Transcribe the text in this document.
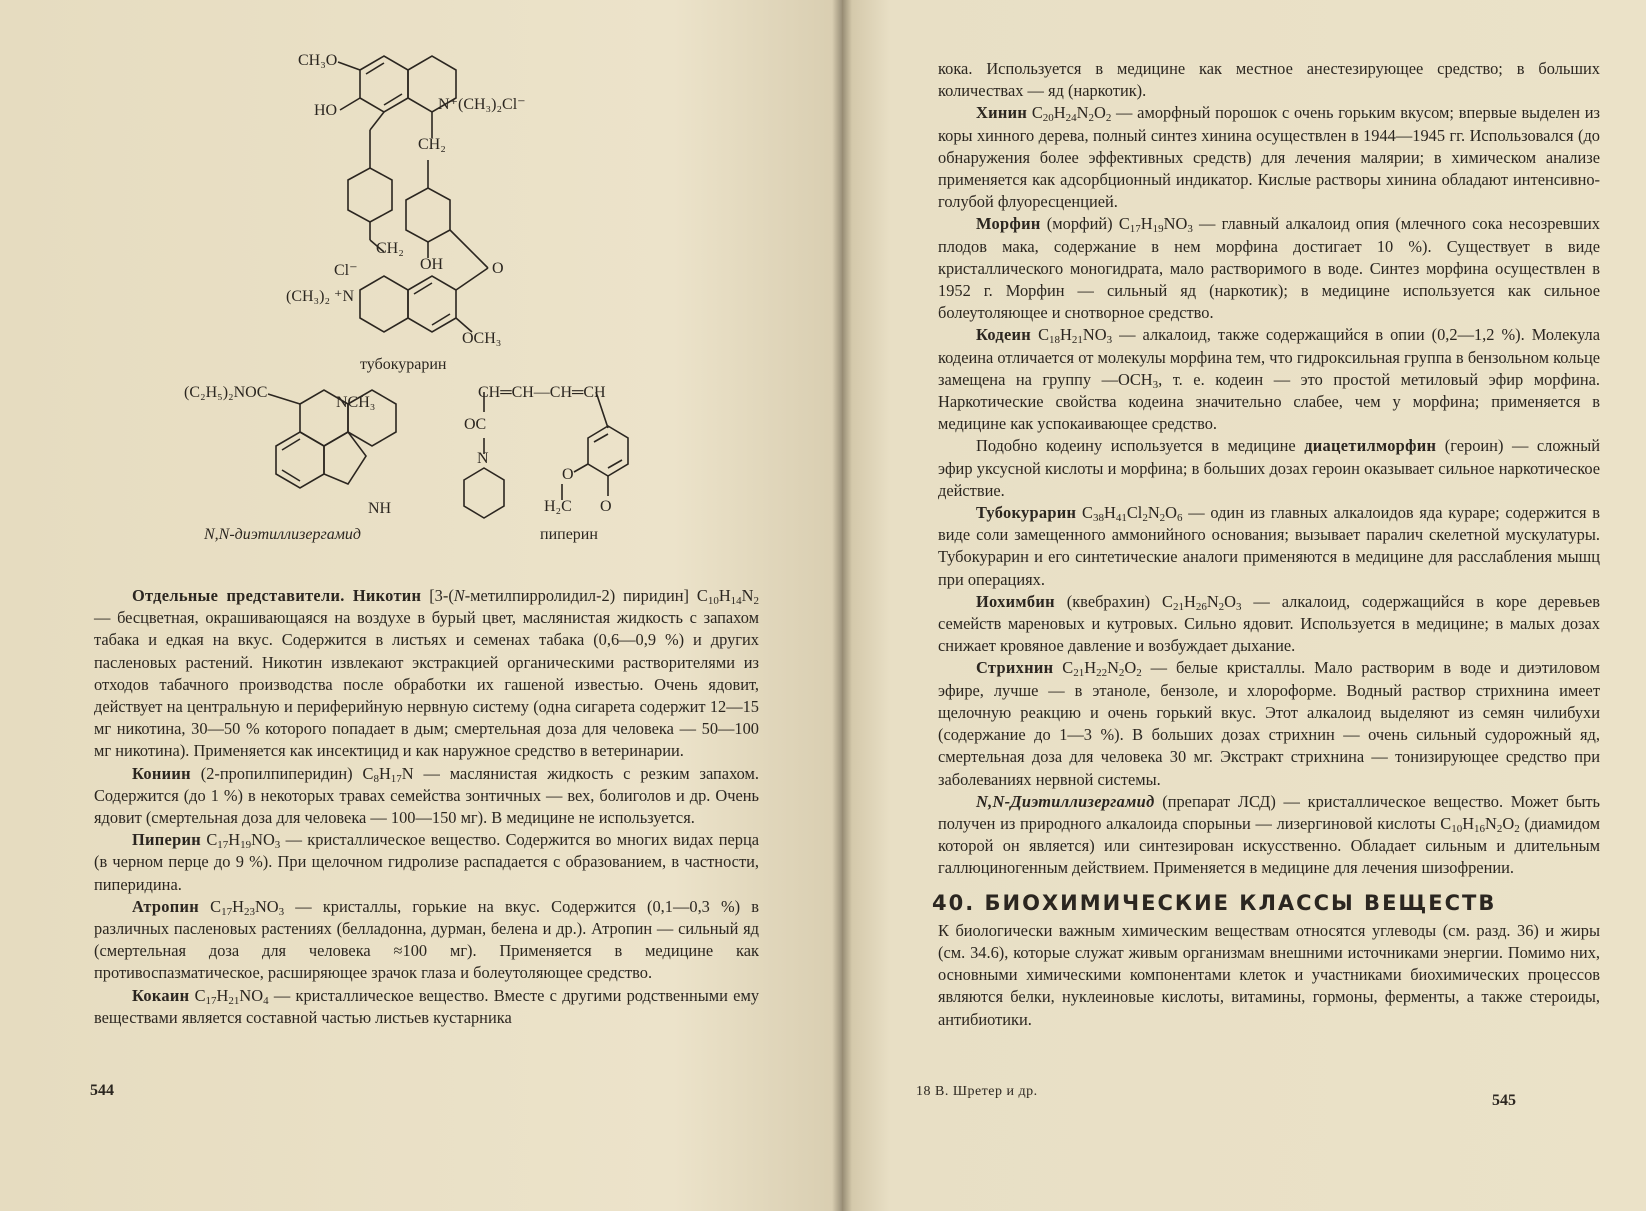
CH₃O
HO	N⁺(CH₃)₂Cl⁻
CH₂
CH₂
OH	O
Cl⁻
(CH₃)₂ ⁺N
OCH₃
тубокурарин
(C₂H₅)₂NOC
NCH₃
NH
N,N-диэтиллизергамид
CH═CH—CH═CH
OC
N
O
O
H₂C
пиперин

Отдельные представители. Никотин [3-(N-метилпирролидил-2) пиридин] $C_{10}H_{14}N_2$ — бесцветная, окрашивающаяся на воздухе в бурый цвет, маслянистая жидкость с запахом табака и едкая на вкус. Содержится в листьях и семенах табака (0,6—0,9 %) и других пасленовых растений. Никотин извлекают экстракцией органическими растворителями из отходов табачного производства после обработки их гашеной известью. Очень ядовит, действует на центральную и периферийную нервную систему (одна сигарета содержит 12—15 мг никотина, 30—50 % которого попадает в дым; смертельная доза для человека — 50—100 мг никотина). Применяется как инсектицид и как наружное средство в ветеринарии.

Кониин (2-пропилпиперидин) $C_8H_{17}N$ — маслянистая жидкость с резким запахом. Содержится (до 1 %) в некоторых травах семейства зонтичных — вех, болиголов и др. Очень ядовит (смертельная доза для человека — 100—150 мг). В медицине не используется.

Пиперин $C_{17}H_{19}NO_3$ — кристаллическое вещество. Содержится во многих видах перца (в черном перце до 9 %). При щелочном гидролизе распадается с образованием, в частности, пиперидина.

Атропин $C_{17}H_{23}NO_3$ — кристаллы, горькие на вкус. Содержится (0,1—0,3 %) в различных пасленовых растениях (белладонна, дурман, белена и др.). Атропин — сильный яд (смертельная доза для человека ≈100 мг). Применяется в медицине как противоспазматическое, расширяющее зрачок глаза и болеутоляющее средство.

Кокаин $C_{17}H_{21}NO_4$ — кристаллическое вещество. Вместе с другими родственными ему веществами является составной частью листьев кустарника

544

кока. Используется в медицине как местное анестезирующее средство; в больших количествах — яд (наркотик).

Хинин $C_{20}H_{24}N_2O_2$ — аморфный порошок с очень горьким вкусом; впервые выделен из коры хинного дерева, полный синтез хинина осуществлен в 1944—1945 гг. Использовался (до обнаружения более эффективных средств) для лечения малярии; в химическом анализе применяется как адсорбционный индикатор. Кислые растворы хинина обладают интенсивно-голубой флуоресценцией.

Морфин (морфий) $C_{17}H_{19}NO_3$ — главный алкалоид опия (млечного сока несозревших плодов мака, содержание в нем морфина достигает 10 %). Существует в виде кристаллического моногидрата, мало растворимого в воде. Синтез морфина осуществлен в 1952 г. Морфин — сильный яд (наркотик); в медицине используется как сильное болеутоляющее и снотворное средство.

Кодеин $C_{18}H_{21}NO_3$ — алкалоид, также содержащийся в опии (0,2—1,2 %). Молекула кодеина отличается от молекулы морфина тем, что гидроксильная группа в бензольном кольце замещена на группу $—OCH_3$, т. е. кодеин — это простой метиловый эфир морфина. Наркотические свойства кодеина значительно слабее, чем у морфина; применяется в медицине как успокаивающее средство.

Подобно кодеину используется в медицине диацетилморфин (героин) — сложный эфир уксусной кислоты и морфина; в больших дозах героин оказывает сильное наркотическое действие.

Тубокурарин $C_{38}H_{41}Cl_2N_2O_6$ — один из главных алкалоидов яда кураре; содержится в виде соли замещенного аммонийного основания; вызывает паралич скелетной мускулатуры. Тубокурарин и его синтетические аналоги применяются в медицине для расслабления мышц при операциях.

Иохимбин (квебрахин) $C_{21}H_{26}N_2O_3$ — алкалоид, содержащийся в коре деревьев семейств мареновых и кутровых. Сильно ядовит. Используется в медицине; в малых дозах снижает кровяное давление и возбуждает дыхание.

Стрихнин $C_{21}H_{22}N_2O_2$ — белые кристаллы. Мало растворим в воде и диэтиловом эфире, лучше — в этаноле, бензоле, и хлороформе. Водный раствор стрихнина имеет щелочную реакцию и очень горький вкус. Этот алкалоид выделяют из семян чилибухи (содержание до 1—3 %). В больших дозах стрихнин — очень сильный судорожный яд, смертельная доза для человека 30 мг. Экстракт стрихнина — тонизирующее средство при заболеваниях нервной системы.

N,N-Диэтиллизергамид (препарат ЛСД) — кристаллическое вещество. Может быть получен из природного алкалоида спорыньи — лизергиновой кислоты $C_{10}H_{16}N_2O_2$ (диамидом которой он является) или синтезирован искусственно. Обладает сильным и длительным галлюциногенным действием. Применяется в медицине для лечения шизофрении.

40. БИОХИМИЧЕСКИЕ КЛАССЫ ВЕЩЕСТВ

К биологически важным химическим веществам относятся углеводы (см. разд. 36) и жиры (см. 34.6), которые служат живым организмам внешними источниками энергии. Помимо них, основными химическими компонентами клеток и участниками биохимических процессов являются белки, нуклеиновые кислоты, витамины, гормоны, ферменты, а также стероиды, антибиотики.

18 В. Шретер и др.
545
